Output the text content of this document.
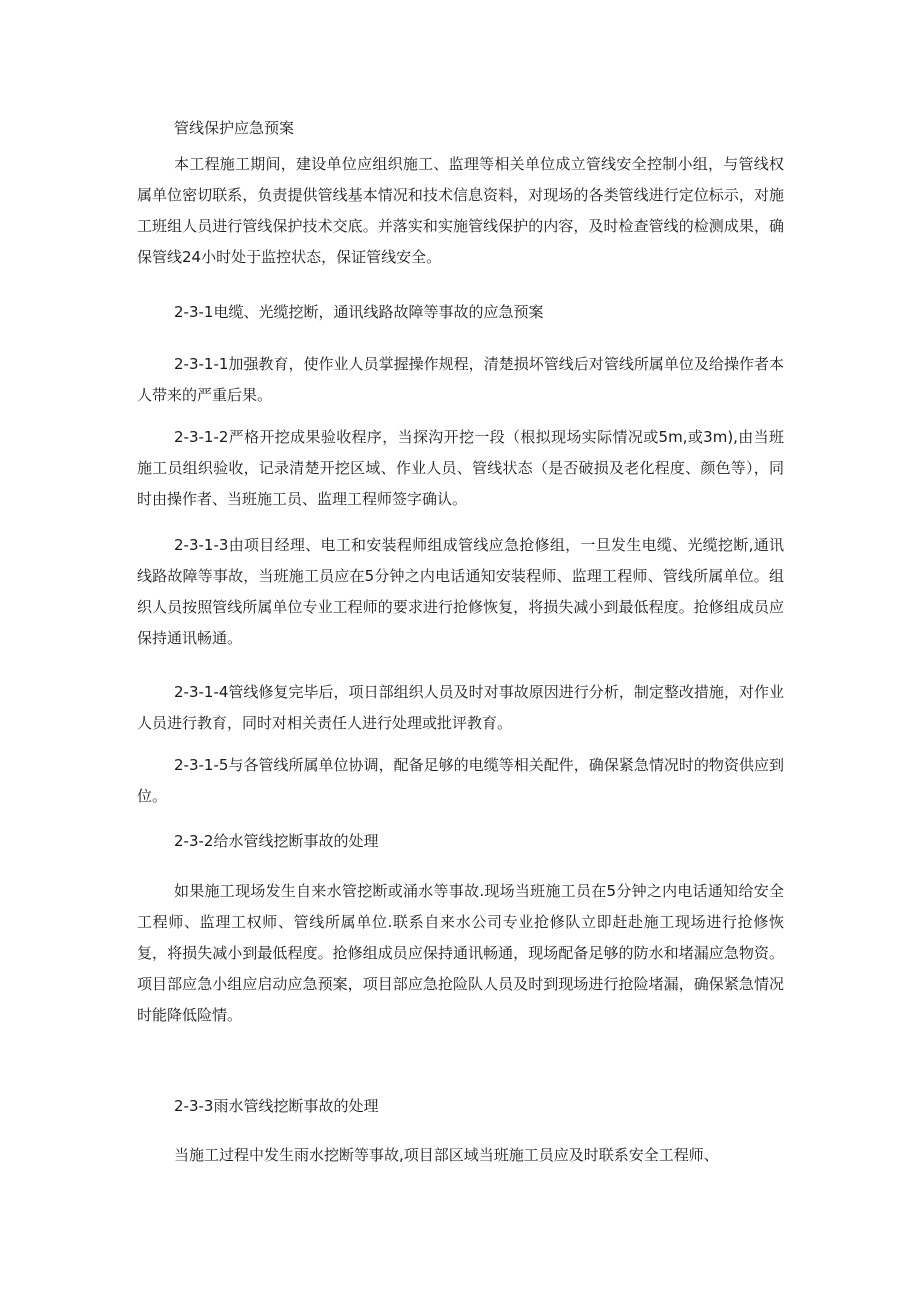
管线保护应急预案

本工程施工期间，建设单位应组织施工、监理等相关单位成立管线安全控制小组，与管线权属单位密切联系，负责提供管线基本情况和技术信息资料，对现场的各类管线进行定位标示，对施工班组人员进行管线保护技术交底。并落实和实施管线保护的内容，及时检查管线的检测成果，确保管线24小时处于监控状态，保证管线安全。

2-3-1电缆、光缆挖断，通讯线路故障等事故的应急预案

2-3-1-1加强教育，使作业人员掌握操作规程，清楚损坏管线后对管线所属单位及给操作者本人带来的严重后果。

2-3-1-2严格开挖成果验收程序，当探沟开挖一段（根拟现场实际情况或5m,或3m),由当班施工员组织验收，记录清楚开挖区域、作业人员、管线状态（是否破损及老化程度、颜色等），同时由操作者、当班施工员、监理工程师签字确认。

2-3-1-3由项目经理、电工和安装程师组成管线应急抢修组，一旦发生电缆、光缆挖断,通讯线路故障等事故，当班施工员应在5分钟之内电话通知安装程师、监理工程师、管线所属单位。组织人员按照管线所属单位专业工程师的要求进行抢修恢复，将损失减小到最低程度。抢修组成员应保持通讯畅通。

2-3-1-4管线修复完毕后，项日部组织人员及时对事故原因进行分析，制定整改措施，对作业人员进行教育，同时对相关责任人进行处理或批评教育。

2-3-1-5与各管线所属单位协调，配备足够的电缆等相关配件，确保紧急情况时的物资供应到位。

2-3-2给水管线挖断事故的处理

如果施工现场发生自来水管挖断或涌水等事故.现场当班施工员在5分钟之内电话通知给安全工程师、监理工权师、管线所属单位.联系自来水公司专业抢修队立即赶赴施工现场进行抢修恢复，将损失减小到最低程度。抢修组成员应保持通讯畅通，现场配备足够的防水和堵漏应急物资。项目部应急小组应启动应急预案，项目部应急抢险队人员及时到现场进行抢险堵漏，确保紧急情况时能降低险情。

2-3-3雨水管线挖断事故的处理

当施工过程中发生雨水挖断等事故,项目部区域当班施工员应及时联系安全工程师、
